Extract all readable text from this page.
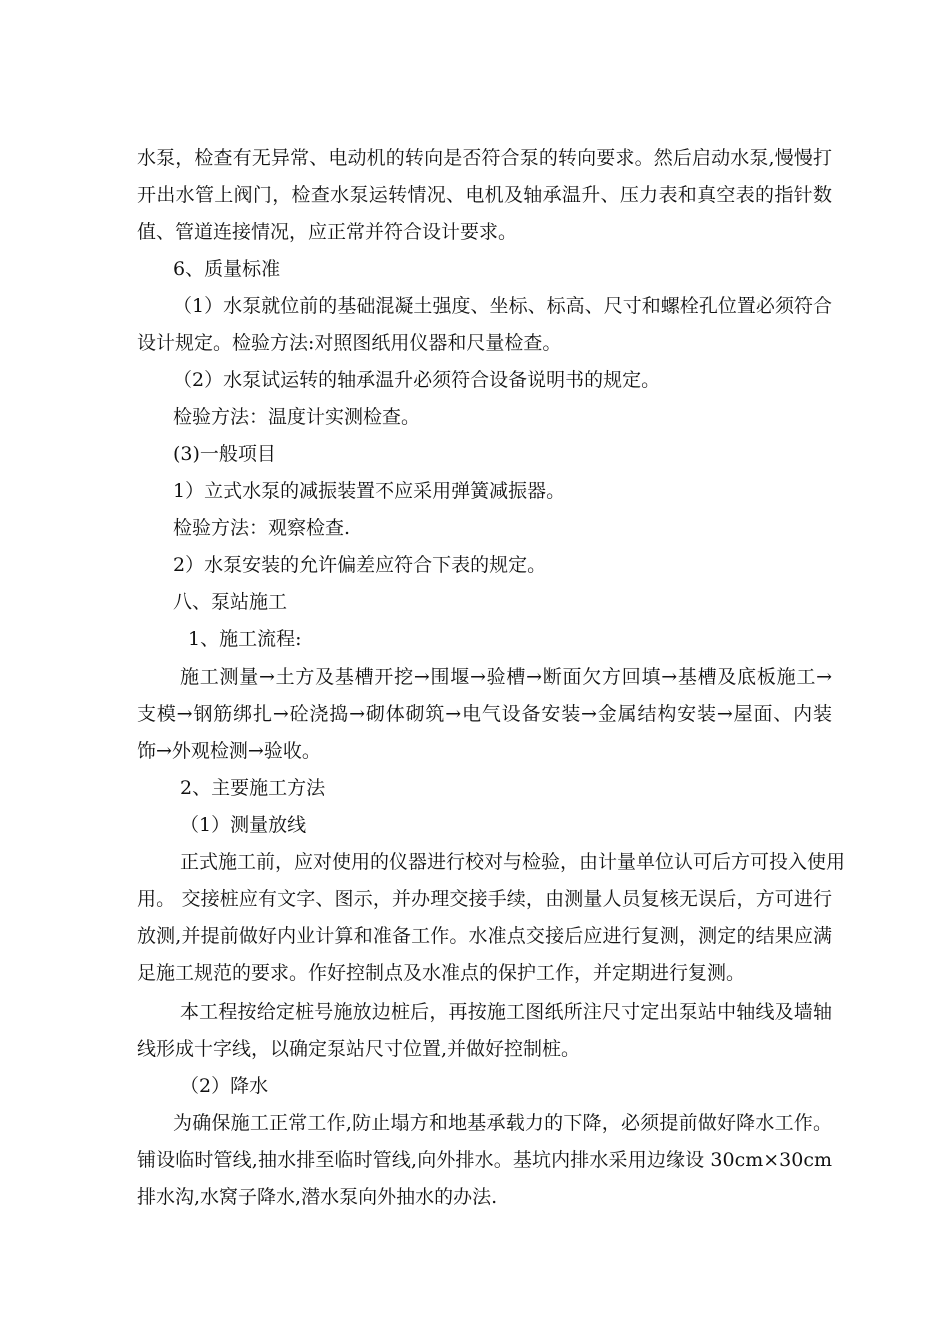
水泵，检查有无异常、电动机的转向是否符合泵的转向要求。然后启动水泵,慢慢打
开出水管上阀门，检查水泵运转情况、电机及轴承温升、压力表和真空表的指针数
值、管道连接情况，应正常并符合设计要求。
6、质量标准
（1）水泵就位前的基础混凝土强度、坐标、标高、尺寸和螺栓孔位置必须符合
设计规定。检验方法:对照图纸用仪器和尺量检查。
（2）水泵试运转的轴承温升必须符合设备说明书的规定。
检验方法：温度计实测检查。
(3)一般项目
1）立式水泵的减振装置不应采用弹簧减振器。
检验方法：观察检查.
2）水泵安装的允许偏差应符合下表的规定。
八、泵站施工
1、施工流程:
施工测量→土方及基槽开挖→围堰→验槽→断面欠方回填→基槽及底板施工→
支模→钢筋绑扎→砼浇捣→砌体砌筑→电气设备安装→金属结构安装→屋面、内装
饰→外观检测→验收。
2、主要施工方法
（1）测量放线
正式施工前，应对使用的仪器进行校对与检验，由计量单位认可后方可投入使用
用。 交接桩应有文字、图示，并办理交接手续，由测量人员复核无误后，方可进行
放测,并提前做好内业计算和准备工作。水准点交接后应进行复测，测定的结果应满
足施工规范的要求。作好控制点及水准点的保护工作，并定期进行复测。
本工程按给定桩号施放边桩后，再按施工图纸所注尺寸定出泵站中轴线及墙轴
线形成十字线，以确定泵站尺寸位置,并做好控制桩。
（2）降水
为确保施工正常工作,防止塌方和地基承载力的下降，必须提前做好降水工作。
铺设临时管线,抽水排至临时管线,向外排水。基坑内排水采用边缘设 30cm×30cm
排水沟,水窝子降水,潜水泵向外抽水的办法.
